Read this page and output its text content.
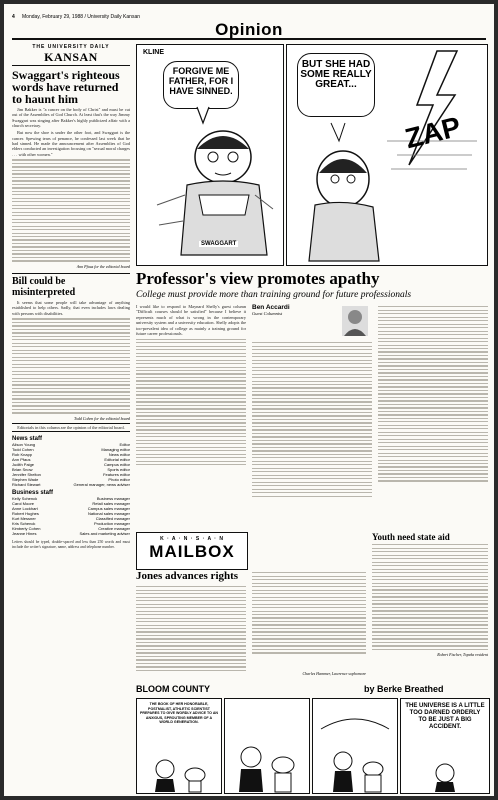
4 Monday, February 29, 1988 / University Daily Kansan
Opinion
THE UNIVERSITY DAILY
KANSAN
Swaggart's righteous words have returned to haunt him

Jim Bakker is "a cancer on the body of Christ" and must be cut out of the Assemblies of God Church. At least that's the way Jimmy Swaggart was singing after Bakker's highly publicized affair with a church secretary.

But now the shoe is under the other foot, and Swaggart is the cancer. Spewing tears of penance, he confessed last week that he had sinned. He made the announcement after Assemblies of God elders conducted an investigation focusing on "sexual moral charges . . . with other women."

Ann Pfaus for the editorial board
Bill could be misinterpreted

It seems that some people will take advantage of anything established to help others. Sadly, that even includes laws dealing with persons with disabilities.

Todd Cohen for the editorial board
Editorials in this column are the opinion of the editorial board.
News staff
Alison Young	Editor
Todd Cohen	Managing editor
Rob Knapp	News editor
Ann Pfaus	Editorial editor
Judith Paige	Campus editor
Brian Snow	Sports editor
Jennifer Shelton	Features editor
Stephen Wade	Photo editor
Richard Stewart	General manager, news adviser
Business staff
Kelly Schenck	Business manager
Carol Moore	Retail sales manager
Anne Lockhart	Campus sales manager
Robert Hughes	National sales manager
Kurt Messner	Classified manager
Kris Schenck	Production manager
Kimberly Cohen	Creative manager
Jeanne Hines	Sales and marketing adviser
Letters should be typed, double-spaced and less than 250 words and must include the writer's signature, name, address and telephone number.
KLINE
FORGIVE ME FATHER, FOR I HAVE SINNED.
SWAGGART
BUT SHE HAD SOME REALLY GREAT...
ZAP
Professor's view promotes apathy
College must provide more than training ground for future professionals
I would like to respond to Maynard Shelly's guest column "Difficult courses should be satisfied" because I believe it represents much of what is wrong in the contemporary university system and a university education. Shelly adopts the too-prevalent idea of college as mainly a training ground for future career professionals.
Ben Accardi
Guest Columnist
K · A · N · S · A · N
MAILBOX
Jones advances rights
Charles Hammer, Lawrence sophomore
Youth need state aid
Robert Fischer, Topeka resident
BLOOM COUNTY	by Berke Breathed
THE BOOK OF HER HONORABLE, POSTMALIST, ATHLETIC SCIENTIST PREPARES TO GIVE WORDLY ADVICE TO AN ANXIOUS, SPROUTING MEMBER OF A WORLD GENERATION.
THE UNIVERSE IS A LITTLE TOO DARNED ORDERLY TO BE JUST A BIG ACCIDENT.
